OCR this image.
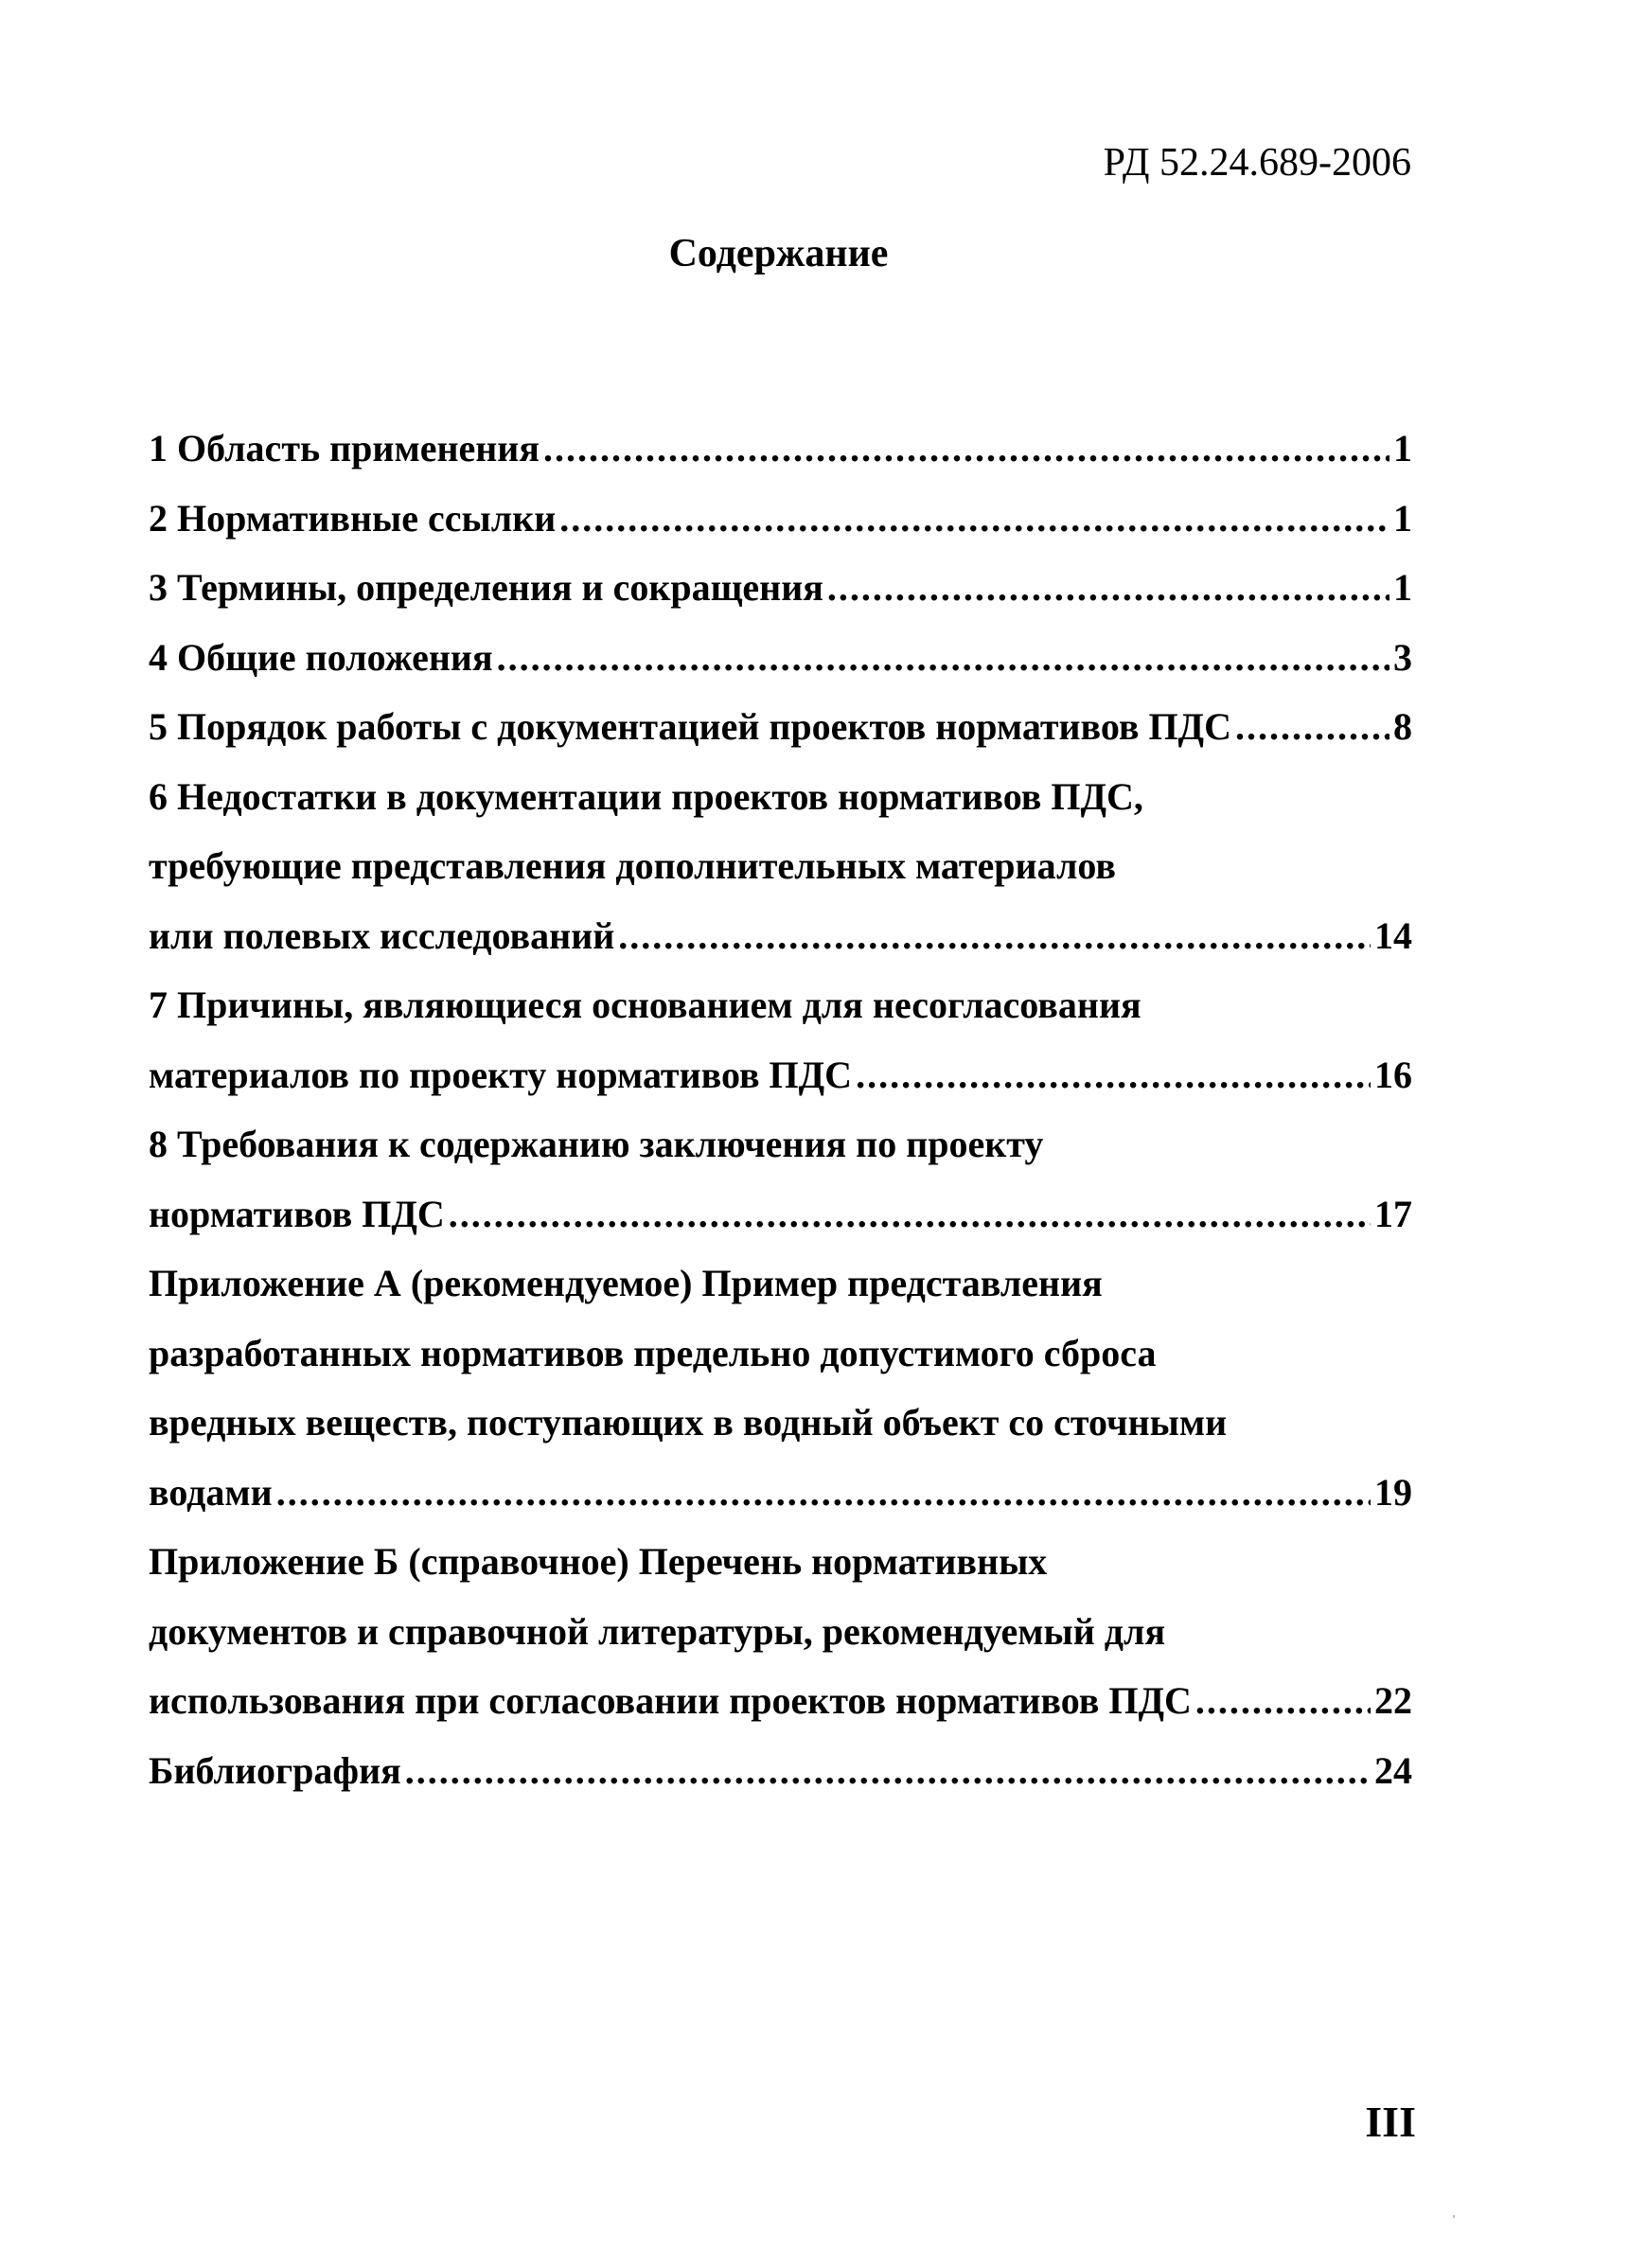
РД 52.24.689-2006
Содержание
1 Область применения .....	1
2 Нормативные ссылки .....	1
3 Термины, определения и сокращения .....	1
4 Общие положения .....	3
5 Порядок работы с документацией проектов нормативов ПДС .....	8
6 Недостатки в документации проектов нормативов ПДС,
требующие представления дополнительных материалов
или полевых исследований .....	14
7 Причины, являющиеся основанием для несогласования
материалов по проекту нормативов ПДС .....	16
8 Требования к содержанию заключения по проекту
нормативов ПДС .....	17
Приложение А (рекомендуемое) Пример представления
разработанных нормативов предельно допустимого сброса
вредных веществ, поступающих в водный объект со сточными
водами .....	19
Приложение Б (справочное) Перечень нормативных
документов и справочной литературы, рекомендуемый для
использования при согласовании проектов нормативов ПДС .....	22
Библиография .....	24
III
